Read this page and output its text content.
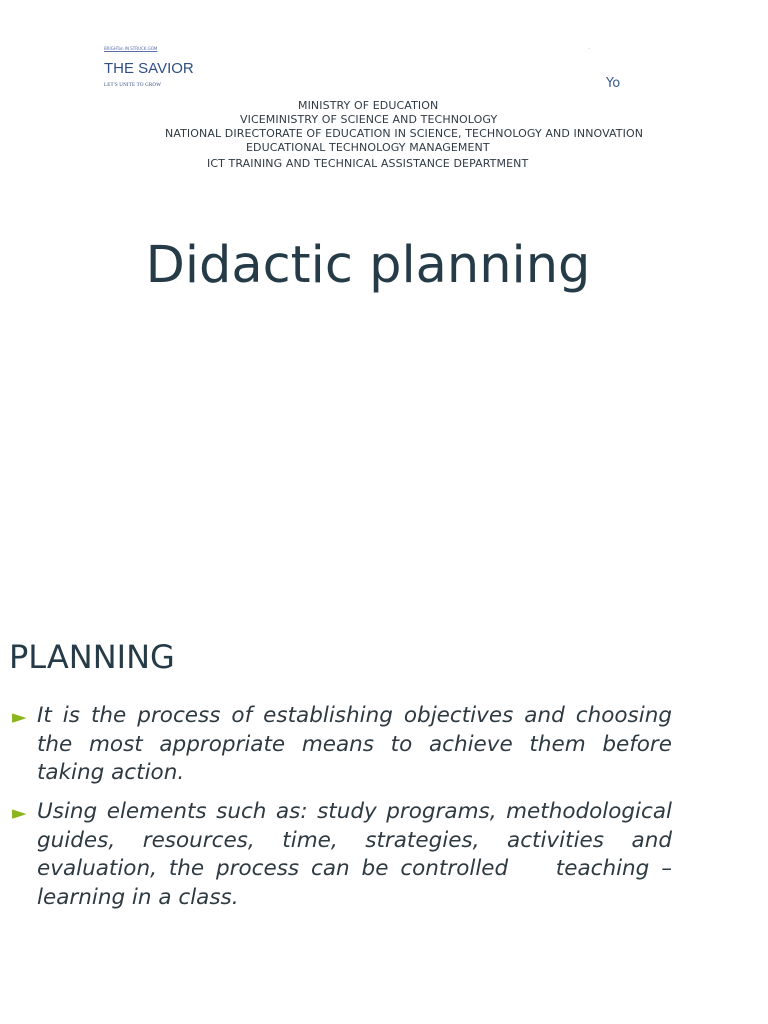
BRIGHTon IN STRUCK.GOM	··
THE SAVIOR
LET'S UNITE TO GROW	Yo
MINISTRY OF EDUCATION
VICEMINISTRY OF SCIENCE AND TECHNOLOGY
NATIONAL DIRECTORATE OF EDUCATION IN SCIENCE, TECHNOLOGY AND INNOVATION
EDUCATIONAL TECHNOLOGY MANAGEMENT
ICT TRAINING AND TECHNICAL ASSISTANCE DEPARTMENT
Didactic planning
PLANNING
► It is the process of establishing objectives and choosing the most appropriate means to achieve them before taking action.
► Using elements such as: study programs, methodological guides, resources, time, strategies, activities and evaluation, the process can be controlled    teaching – learning in a class.
